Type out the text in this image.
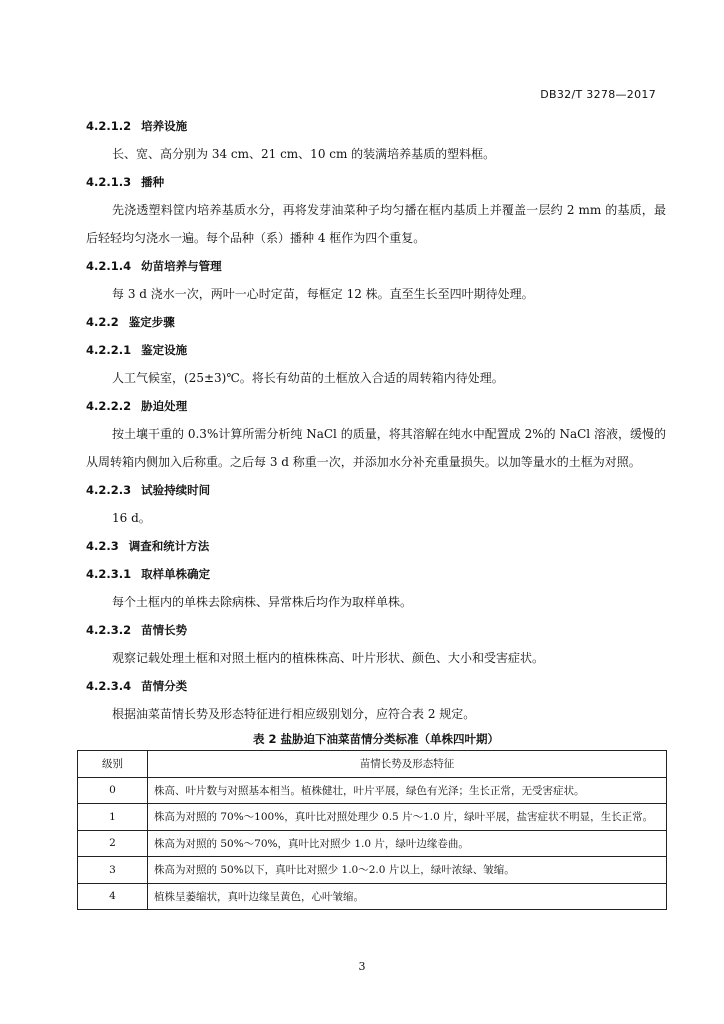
DB32/T 3278—2017
4.2.1.2 培养设施
长、宽、高分别为 34 cm、21 cm、10 cm 的装满培养基质的塑料框。
4.2.1.3 播种
先浇透塑料筐内培养基质水分，再将发芽油菜种子均匀播在框内基质上并覆盖一层约 2 mm 的基质，最后轻轻均匀浇水一遍。每个品种（系）播种 4 框作为四个重复。
4.2.1.4 幼苗培养与管理
每 3 d 浇水一次，两叶一心时定苗，每框定 12 株。直至生长至四叶期待处理。
4.2.2 鉴定步骤
4.2.2.1 鉴定设施
人工气候室，(25±3)℃。将长有幼苗的土框放入合适的周转箱内待处理。
4.2.2.2 胁迫处理
按土壤干重的 0.3%计算所需分析纯 NaCl 的质量，将其溶解在纯水中配置成 2%的 NaCl 溶液，缓慢的从周转箱内侧加入后称重。之后每 3 d 称重一次，并添加水分补充重量损失。以加等量水的土框为对照。
4.2.2.3 试验持续时间
16 d。
4.2.3 调查和统计方法
4.2.3.1 取样单株确定
每个土框内的单株去除病株、异常株后均作为取样单株。
4.2.3.2 苗情长势
观察记载处理土框和对照土框内的植株株高、叶片形状、颜色、大小和受害症状。
4.2.3.4 苗情分类
根据油菜苗情长势及形态特征进行相应级别划分，应符合表 2 规定。
表 2 盐胁迫下油菜苗情分类标准（单株四叶期）
级别	苗情长势及形态特征
0	株高、叶片数与对照基本相当。植株健壮，叶片平展，绿色有光泽；生长正常，无受害症状。
1	株高为对照的 70%～100%，真叶比对照处理少 0.5 片～1.0 片，绿叶平展，盐害症状不明显，生长正常。
2	株高为对照的 50%～70%，真叶比对照少 1.0 片，绿叶边缘卷曲。
3	株高为对照的 50%以下，真叶比对照少 1.0～2.0 片以上，绿叶浓绿、皱缩。
4	植株呈萎缩状，真叶边缘呈黄色，心叶皱缩。
3
